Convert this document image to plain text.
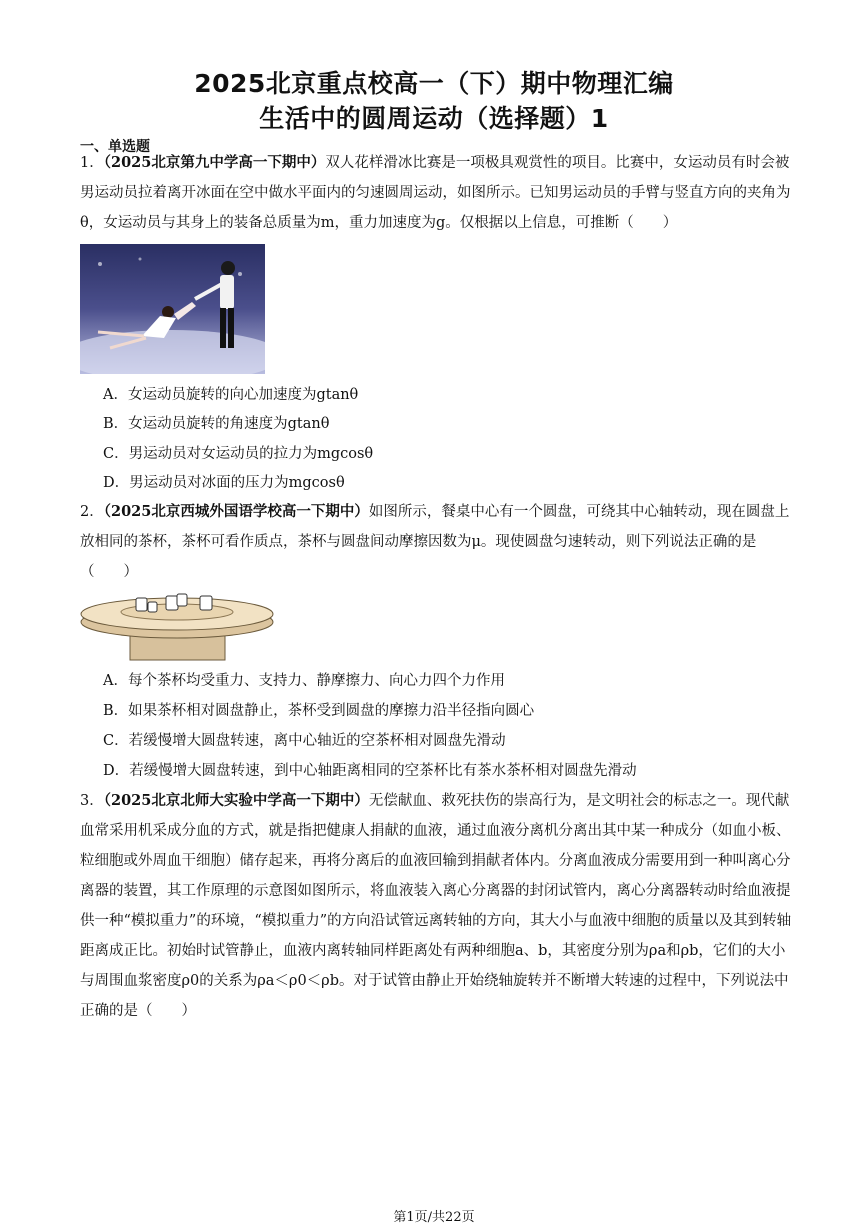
2025北京重点校高一（下）期中物理汇编
生活中的圆周运动（选择题）1
一、单选题
1．（2025北京第九中学高一下期中）双人花样滑冰比赛是一项极具观赏性的项目。比赛中，女运动员有时会被男运动员拉着离开冰面在空中做水平面内的匀速圆周运动，如图所示。已知男运动员的手臂与竖直方向的夹角为θ，女运动员与其身上的装备总质量为m，重力加速度为g。仅根据以上信息，可推断（　　）
A．女运动员旋转的向心加速度为gtanθ
B．女运动员旋转的角速度为gtanθ
C．男运动员对女运动员的拉力为mgcosθ
D．男运动员对冰面的压力为mgcosθ
2．（2025北京西城外国语学校高一下期中）如图所示，餐桌中心有一个圆盘，可绕其中心轴转动，现在圆盘上放相同的茶杯，茶杯可看作质点，茶杯与圆盘间动摩擦因数为μ。现使圆盘匀速转动，则下列说法正确的是（　　）
A．每个茶杯均受重力、支持力、静摩擦力、向心力四个力作用
B．如果茶杯相对圆盘静止，茶杯受到圆盘的摩擦力沿半径指向圆心
C．若缓慢增大圆盘转速，离中心轴近的空茶杯相对圆盘先滑动
D．若缓慢增大圆盘转速，到中心轴距离相同的空茶杯比有茶水茶杯相对圆盘先滑动
3．（2025北京北师大实验中学高一下期中）无偿献血、救死扶伤的崇高行为，是文明社会的标志之一。现代献血常采用机采成分血的方式，就是指把健康人捐献的血液，通过血液分离机分离出其中某一种成分（如血小板、粒细胞或外周血干细胞）储存起来，再将分离后的血液回输到捐献者体内。分离血液成分需要用到一种叫离心分离器的装置，其工作原理的示意图如图所示，将血液装入离心分离器的封闭试管内，离心分离器转动时给血液提供一种“模拟重力”的环境，“模拟重力”的方向沿试管远离转轴的方向，其大小与血液中细胞的质量以及其到转轴距离成正比。初始时试管静止，血液内离转轴同样距离处有两种细胞a、b，其密度分别为ρa和ρb，它们的大小与周围血浆密度ρ0的关系为ρa＜ρ0＜ρb。对于试管由静止开始绕轴旋转并不断增大转速的过程中，下列说法中正确的是（　　）
第1页/共22页
